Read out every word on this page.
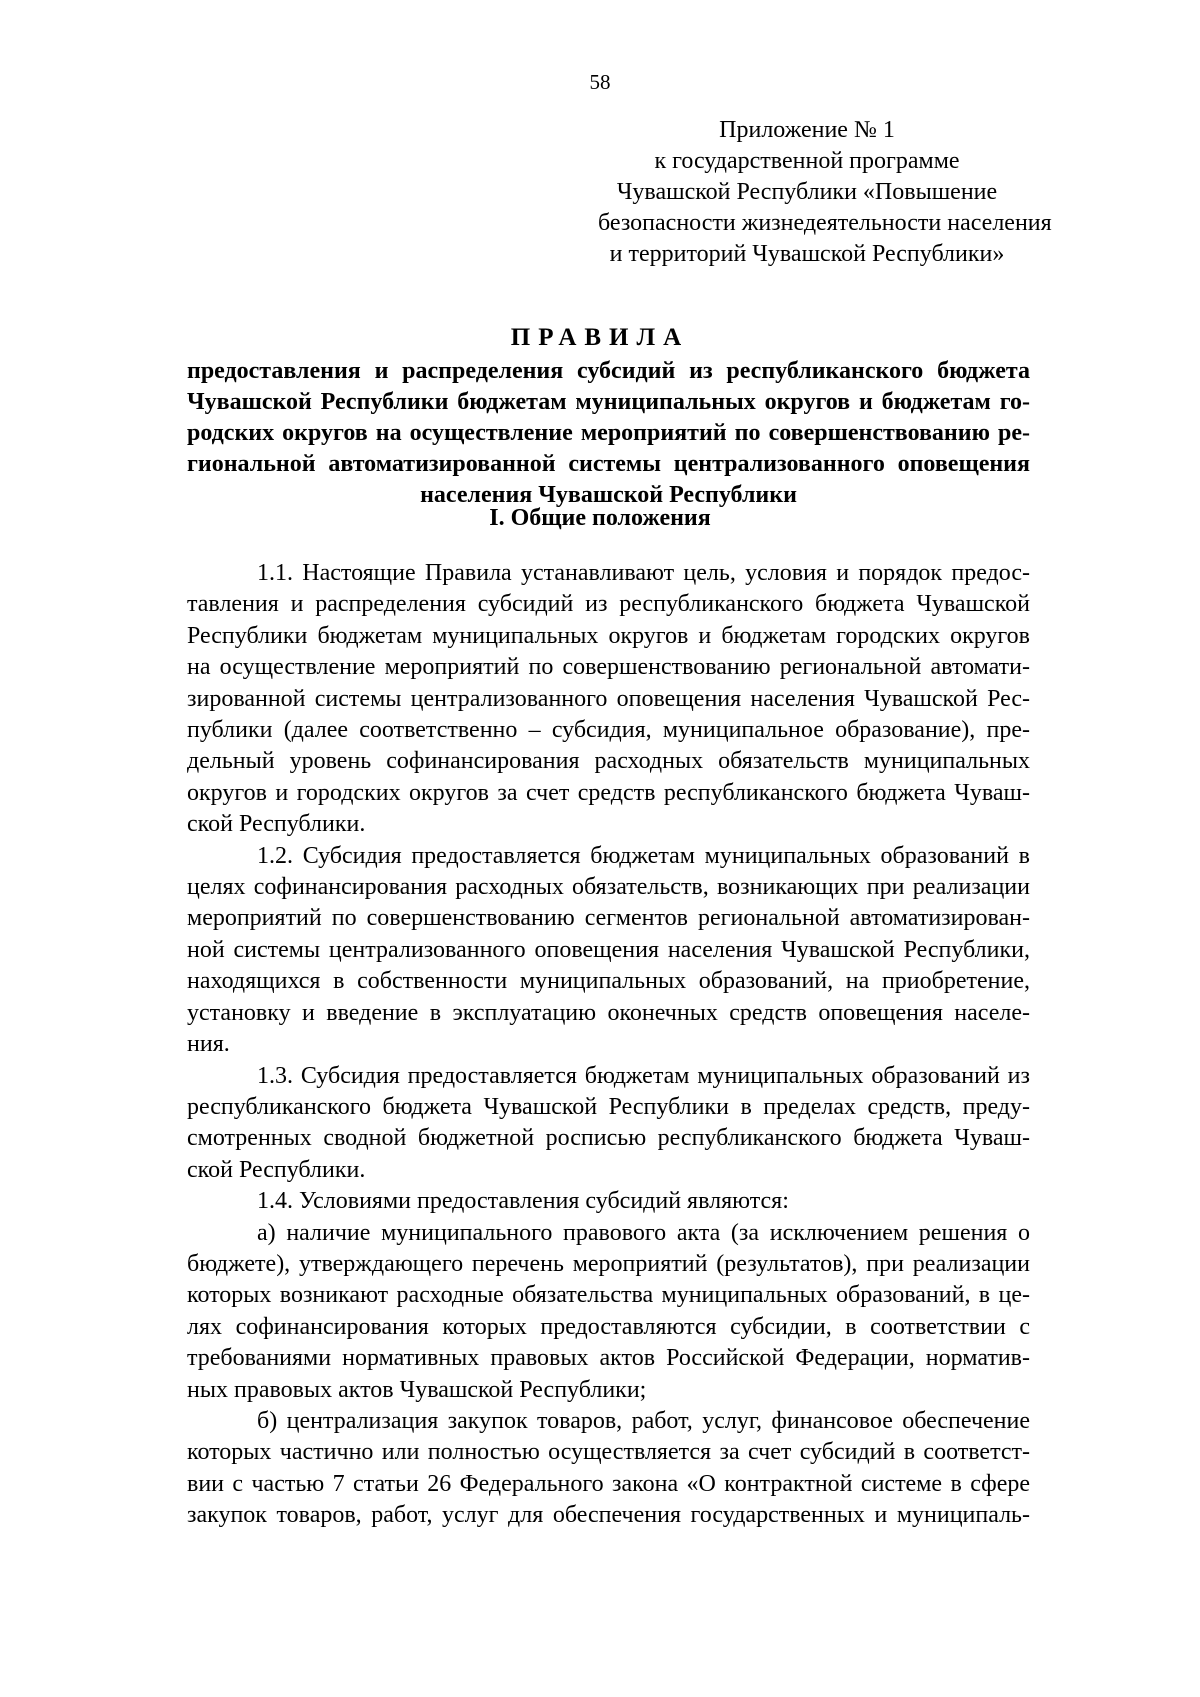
58
Приложение № 1
к государственной программе
Чувашской Республики «Повышение
безопасности жизнедеятельности населения
и территорий Чувашской Республики»
ПРАВИЛА
предоставления и распределения субсидий из республиканского бюджета
Чувашской Республики бюджетам муниципальных округов и бюджетам го-
родских округов на осуществление мероприятий по совершенствованию ре-
гиональной автоматизированной системы централизованного оповещения
населения Чувашской Республики
I. Общие положения
1.1. Настоящие Правила устанавливают цель, условия и порядок предос-
тавления и распределения субсидий из республиканского бюджета Чувашской
Республики бюджетам муниципальных округов и бюджетам городских округов
на осуществление мероприятий по совершенствованию региональной автомати-
зированной системы централизованного оповещения населения Чувашской Рес-
публики (далее соответственно – субсидия, муниципальное образование), пре-
дельный уровень софинансирования расходных обязательств муниципальных
округов и городских округов за счет средств республиканского бюджета Чуваш-
ской Республики.
1.2. Субсидия предоставляется бюджетам муниципальных образований в
целях софинансирования расходных обязательств, возникающих при реализации
мероприятий по совершенствованию сегментов региональной автоматизирован-
ной системы централизованного оповещения населения Чувашской Республики,
находящихся в собственности муниципальных образований, на приобретение,
установку и введение в эксплуатацию оконечных средств оповещения населе-
ния.
1.3. Субсидия предоставляется бюджетам муниципальных образований из
республиканского бюджета Чувашской Республики в пределах средств, преду-
смотренных сводной бюджетной росписью республиканского бюджета Чуваш-
ской Республики.
1.4. Условиями предоставления субсидий являются:
а) наличие муниципального правового акта (за исключением решения о
бюджете), утверждающего перечень мероприятий (результатов), при реализации
которых возникают расходные обязательства муниципальных образований, в це-
лях софинансирования которых предоставляются субсидии, в соответствии с
требованиями нормативных правовых актов Российской Федерации, норматив-
ных правовых актов Чувашской Республики;
б) централизация закупок товаров, работ, услуг, финансовое обеспечение
которых частично или полностью осуществляется за счет субсидий в соответст-
вии с частью 7 статьи 26 Федерального закона «О контрактной системе в сфере
закупок товаров, работ, услуг для обеспечения государственных и муниципаль-
